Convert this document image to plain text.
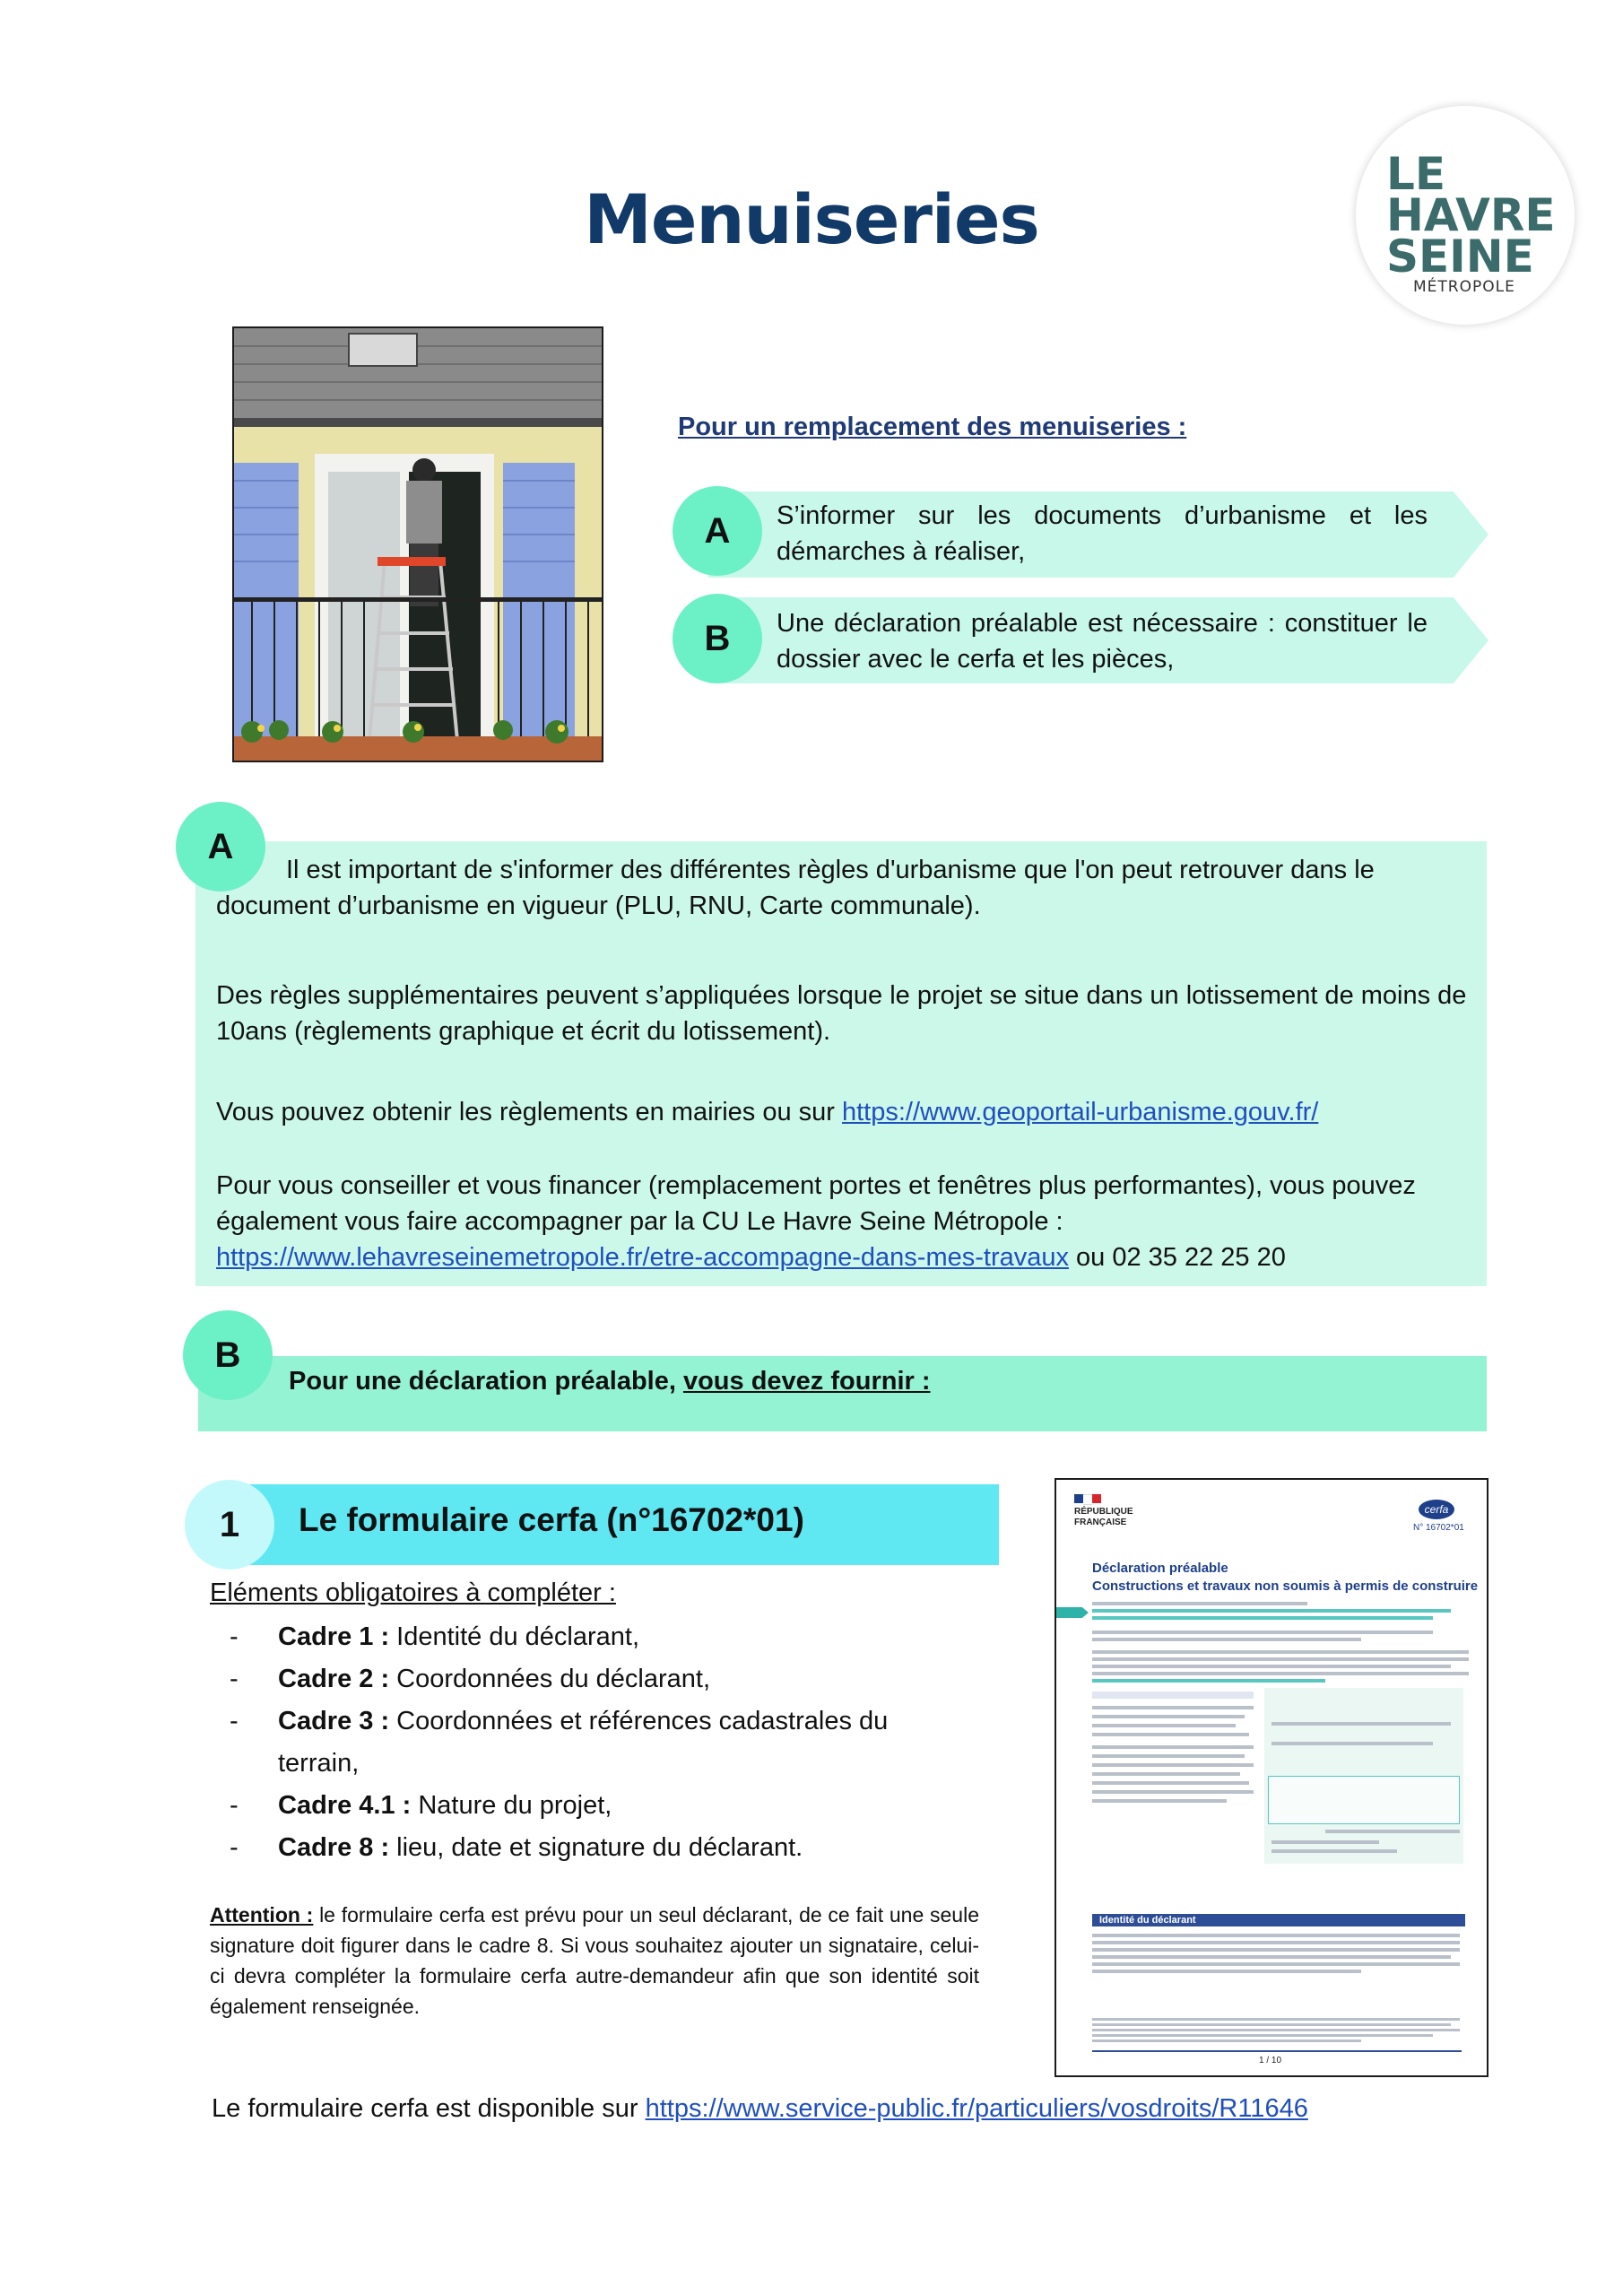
Menuiseries
LE
HAVRE
SEINE
MÉTROPOLE
Pour un remplacement des menuiseries :
A	S’informer sur les documents d’urbanisme et les démarches à réaliser,
B	Une déclaration préalable est nécessaire : constituer le dossier avec le cerfa et les pièces,
A

Il est important de s'informer des différentes règles d'urbanisme que l'on peut retrouver dans le document d’urbanisme en vigueur (PLU, RNU, Carte communale).

Des règles supplémentaires peuvent s’appliquées lorsque le projet se situe dans un lotissement de moins de 10ans (règlements graphique et écrit du lotissement).

Vous pouvez obtenir les règlements en mairies ou sur https://www.geoportail-urbanisme.gouv.fr/

Pour vous conseiller et vous financer (remplacement portes et fenêtres plus performantes), vous pouvez également vous faire accompagner par la CU Le Havre Seine Métropole :
https://www.lehavreseinemetropole.fr/etre-accompagne-dans-mes-travaux ou 02 35 22 25 20

B
Pour une déclaration préalable, vous devez fournir :
1	Le formulaire cerfa (n°16702*01)
Eléments obligatoires à compléter :
- Cadre 1 : Identité du déclarant,
- Cadre 2 : Coordonnées du déclarant,
- Cadre 3 : Coordonnées et références cadastrales du terrain,
- Cadre 4.1 : Nature du projet,
- Cadre 8 : lieu, date et signature du déclarant.

Attention : le formulaire cerfa est prévu pour un seul déclarant, de ce fait une seule signature doit figurer dans le cadre 8. Si vous souhaitez ajouter un signataire, celui-ci devra compléter la formulaire cerfa autre-demandeur afin que son identité soit également renseignée.

Le formulaire cerfa est disponible sur https://www.service-public.fr/particuliers/vosdroits/R11646
RÉPUBLIQUE FRANÇAISE
cerfa
N° 16702*01
Déclaration préalable
Constructions et travaux non soumis à permis de construire
Identité du déclarant
1 / 10
